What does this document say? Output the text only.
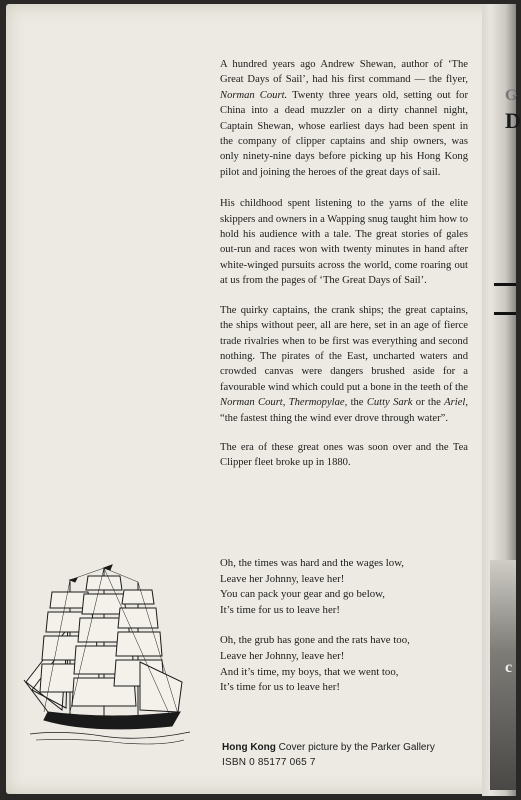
G
D
c

A hundred years ago Andrew Shewan, author of ‘The Great Days of Sail’, had his first command — the flyer, Norman Court. Twenty three years old, setting out for China into a dead muzzler on a dirty channel night, Captain Shewan, whose earliest days had been spent in the company of clipper captains and ship owners, was only ninety-nine days before picking up his Hong Kong pilot and joining the heroes of the great days of sail.

His childhood spent listening to the yarns of the elite skippers and owners in a Wapping snug taught him how to hold his audience with a tale. The great stories of gales out-run and races won with twenty minutes in hand after white-winged pursuits across the world, come roaring out at us from the pages of ‘The Great Days of Sail’.

The quirky captains, the crank ships; the great captains, the ships without peer, all are here, set in an age of fierce trade rivalries when to be first was everything and second nothing. The pirates of the East, uncharted waters and crowded canvas were dangers brushed aside for a favourable wind which could put a bone in the teeth of the Norman Court, Thermopylae, the Cutty Sark or the Ariel, “the fastest thing the wind ever drove through water”.

The era of these great ones was soon over and the Tea Clipper fleet broke up in 1880.

Oh, the times was hard and the wages low,
Leave her Johnny, leave her!
You can pack your gear and go below,
It’s time for us to leave her!
Oh, the grub has gone and the rats have too,
Leave her Johnny, leave her!
And it’s time, my boys, that we went too,
It’s time for us to leave her!
Hong Kong Cover picture by the Parker Gallery
ISBN 0 85177 065 7
